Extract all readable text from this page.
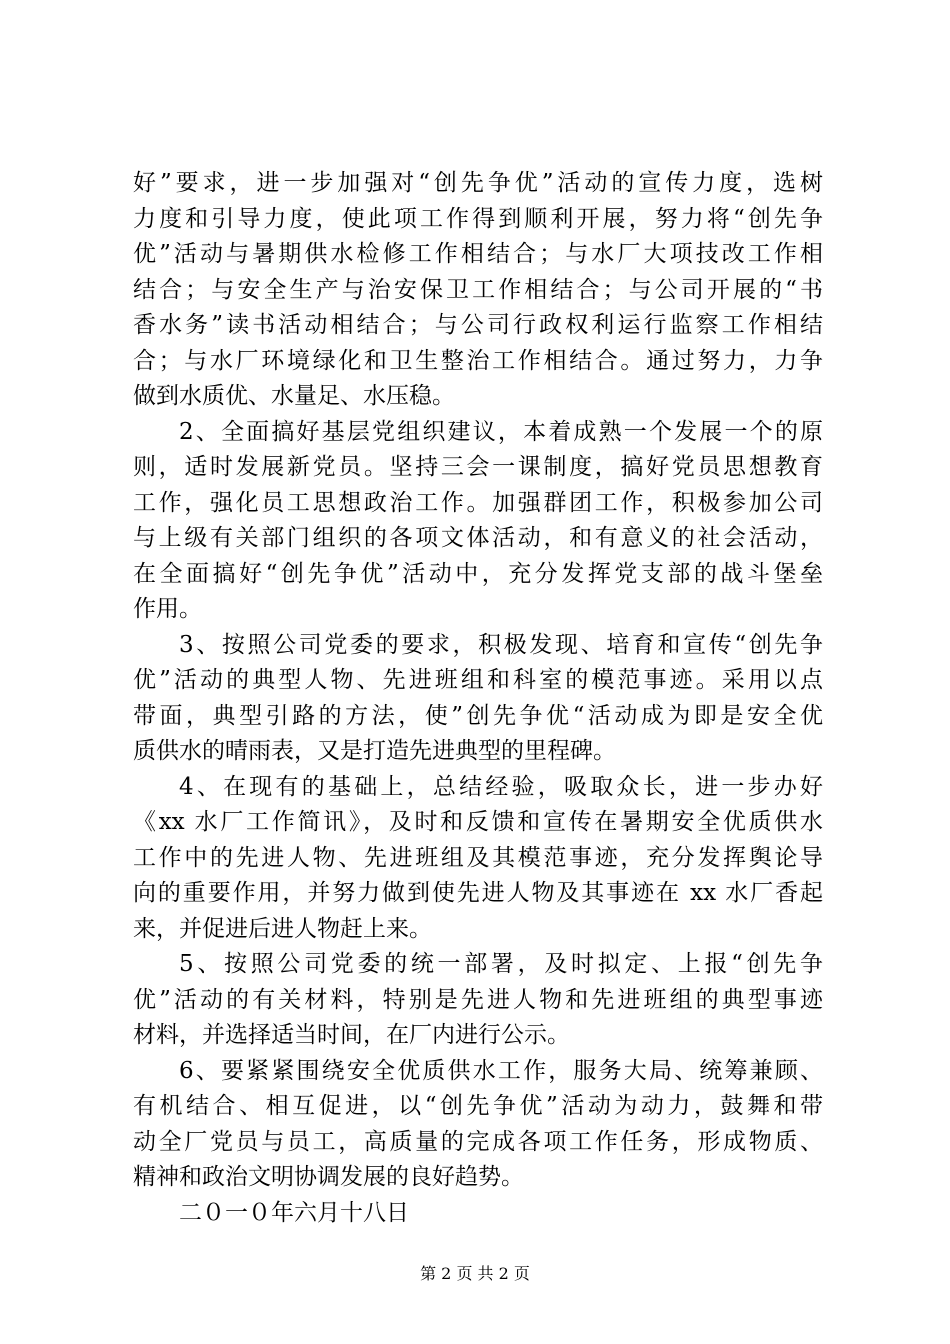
好”要求，进一步加强对“创先争优”活动的宣传力度，选树
力度和引导力度，使此项工作得到顺利开展，努力将“创先争
优”活动与暑期供水检修工作相结合；与水厂大项技改工作相
结合；与安全生产与治安保卫工作相结合；与公司开展的“书
香水务”读书活动相结合；与公司行政权利运行监察工作相结
合；与水厂环境绿化和卫生整治工作相结合。通过努力，力争
做到水质优、水量足、水压稳。
2、全面搞好基层党组织建议，本着成熟一个发展一个的原
则，适时发展新党员。坚持三会一课制度，搞好党员思想教育
工作，强化员工思想政治工作。加强群团工作，积极参加公司
与上级有关部门组织的各项文体活动，和有意义的社会活动，
在全面搞好“创先争优”活动中，充分发挥党支部的战斗堡垒
作用。
3、按照公司党委的要求，积极发现、培育和宣传“创先争
优”活动的典型人物、先进班组和科室的模范事迹。采用以点
带面，典型引路的方法，使”创先争优“活动成为即是安全优
质供水的晴雨表，又是打造先进典型的里程碑。
4、在现有的基础上，总结经验，吸取众长，进一步办好
《xx 水厂工作简讯》，及时和反馈和宣传在暑期安全优质供水
工作中的先进人物、先进班组及其模范事迹，充分发挥舆论导
向的重要作用，并努力做到使先进人物及其事迹在 xx 水厂香起
来，并促进后进人物赶上来。
5、按照公司党委的统一部署，及时拟定、上报“创先争
优”活动的有关材料，特别是先进人物和先进班组的典型事迹
材料，并选择适当时间，在厂内进行公示。
6、要紧紧围绕安全优质供水工作，服务大局、统筹兼顾、
有机结合、相互促进，以“创先争优”活动为动力，鼓舞和带
动全厂党员与员工，高质量的完成各项工作任务，形成物质、
精神和政治文明协调发展的良好趋势。
二０一０年六月十八日
第 2 页 共 2 页
